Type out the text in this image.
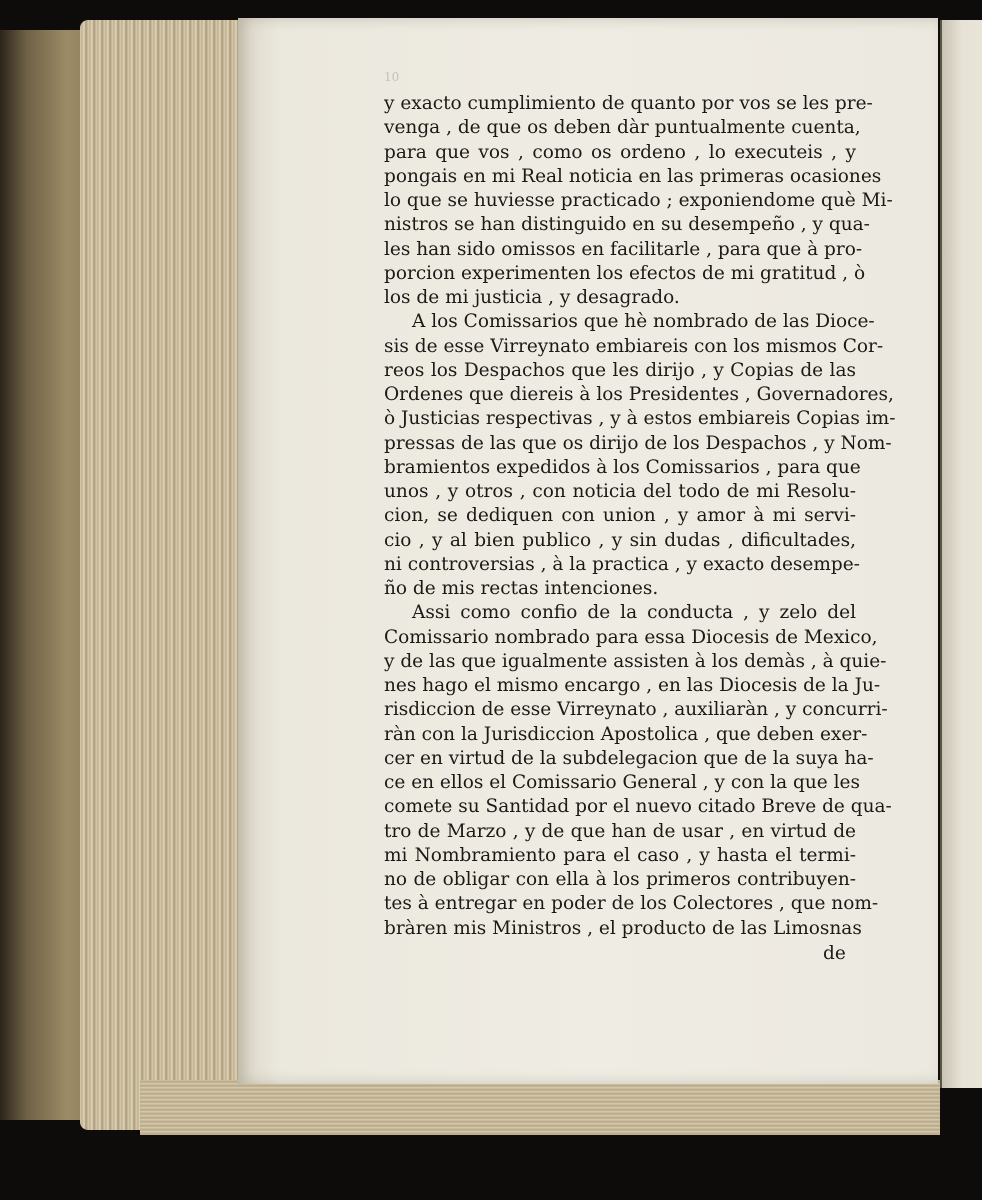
10
y exacto cumplimiento de quanto por vos se les pre-
venga , de que os deben dàr puntualmente cuenta,
para que vos , como os ordeno , lo executeis , y
pongais en mi Real noticia en las primeras ocasiones
lo que se huviesse practicado ; exponiendome què Mi-
nistros se han distinguido en su desempeño , y qua-
les han sido omissos en facilitarle , para que à pro-
porcion experimenten los efectos de mi gratitud , ò
los de mi justicia , y desagrado.
A los Comissarios que hè nombrado de las Dioce-
sis de esse Virreynato embiareis con los mismos Cor-
reos los Despachos que les dirijo , y Copias de las
Ordenes que diereis à los Presidentes , Governadores,
ò Justicias respectivas , y à estos embiareis Copias im-
pressas de las que os dirijo de los Despachos , y Nom-
bramientos expedidos à los Comissarios , para que
unos , y otros , con noticia del todo de mi Resolu-
cion, se dediquen con union , y amor à mi servi-
cio , y al bien publico , y sin dudas , dificultades,
ni controversias , à la practica , y exacto desempe-
ño de mis rectas intenciones.
Assi como confio de la conducta , y zelo del
Comissario nombrado para essa Diocesis de Mexico,
y de las que igualmente assisten à los demàs , à quie-
nes hago el mismo encargo , en las Diocesis de la Ju-
risdiccion de esse Virreynato , auxiliaràn , y concurri-
ràn con la Jurisdiccion Apostolica , que deben exer-
cer en virtud de la subdelegacion que de la suya ha-
ce en ellos el Comissario General , y con la que les
comete su Santidad por el nuevo citado Breve de qua-
tro de Marzo , y de que han de usar , en virtud de
mi Nombramiento para el caso , y hasta el termi-
no de obligar con ella à los primeros contribuyen-
tes à entregar en poder de los Colectores , que nom-
bràren mis Ministros , el producto de las Limosnas
de
